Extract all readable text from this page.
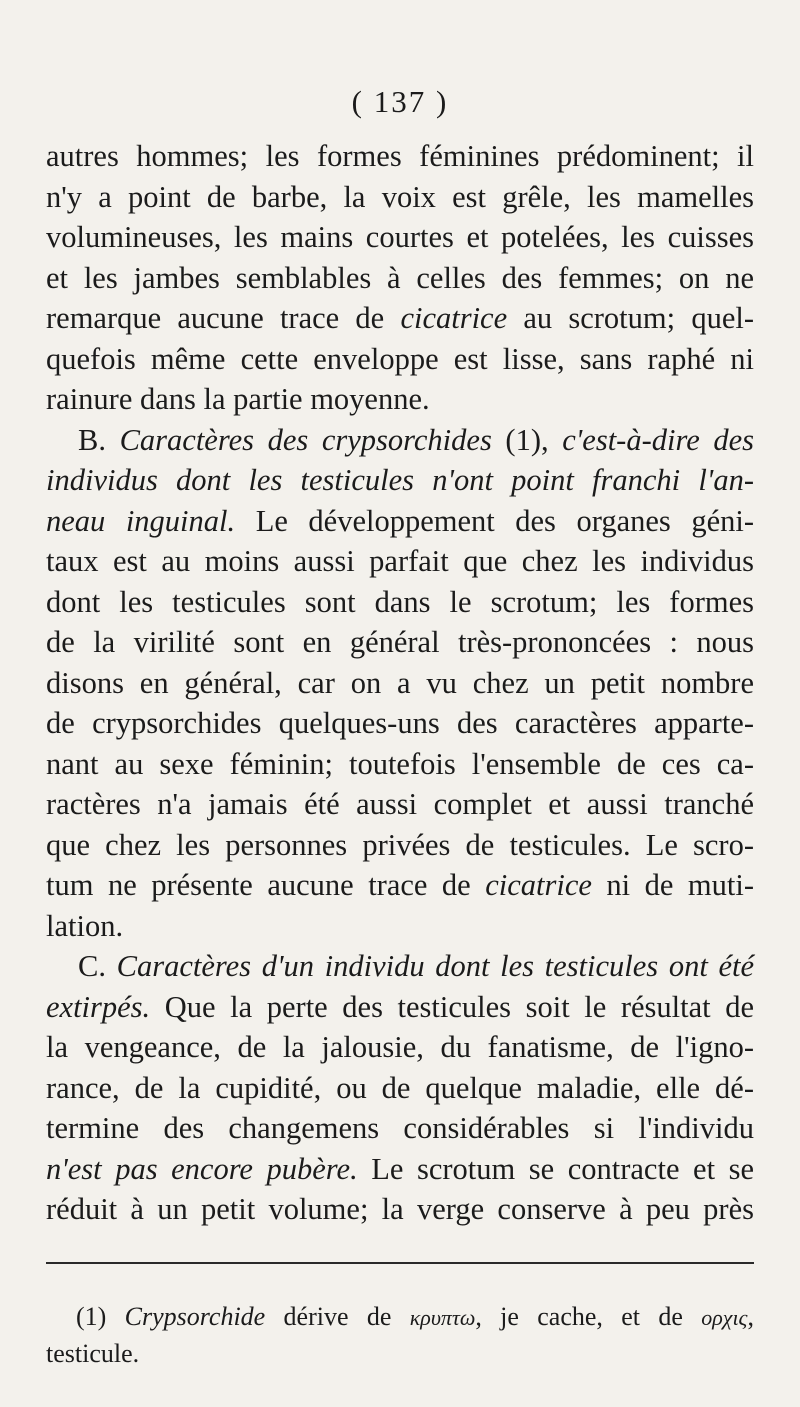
( 137 )
autres hommes; les formes féminines prédominent; il
n'y a point de barbe, la voix est grêle, les mamelles
volumineuses, les mains courtes et potelées, les cuisses
et les jambes semblables à celles des femmes; on ne
remarque aucune trace de cicatrice au scrotum; quel-
quefois même cette enveloppe est lisse, sans raphé ni
rainure dans la partie moyenne.
B. Caractères des crypsorchides (1), c'est-à-dire des
individus dont les testicules n'ont point franchi l'an-
neau inguinal. Le développement des organes géni-
taux est au moins aussi parfait que chez les individus
dont les testicules sont dans le scrotum; les formes
de la virilité sont en général très-prononcées : nous
disons en général, car on a vu chez un petit nombre
de crypsorchides quelques-uns des caractères apparte-
nant au sexe féminin; toutefois l'ensemble de ces ca-
ractères n'a jamais été aussi complet et aussi tranché
que chez les personnes privées de testicules. Le scro-
tum ne présente aucune trace de cicatrice ni de muti-
lation.
C. Caractères d'un individu dont les testicules ont été
extirpés. Que la perte des testicules soit le résultat de
la vengeance, de la jalousie, du fanatisme, de l'igno-
rance, de la cupidité, ou de quelque maladie, elle dé-
termine des changemens considérables si l'individu
n'est pas encore pubère. Le scrotum se contracte et se
réduit à un petit volume; la verge conserve à peu près
(1) Crypsorchide dérive de κρυπτω, je cache, et de ορχις,
testicule.
